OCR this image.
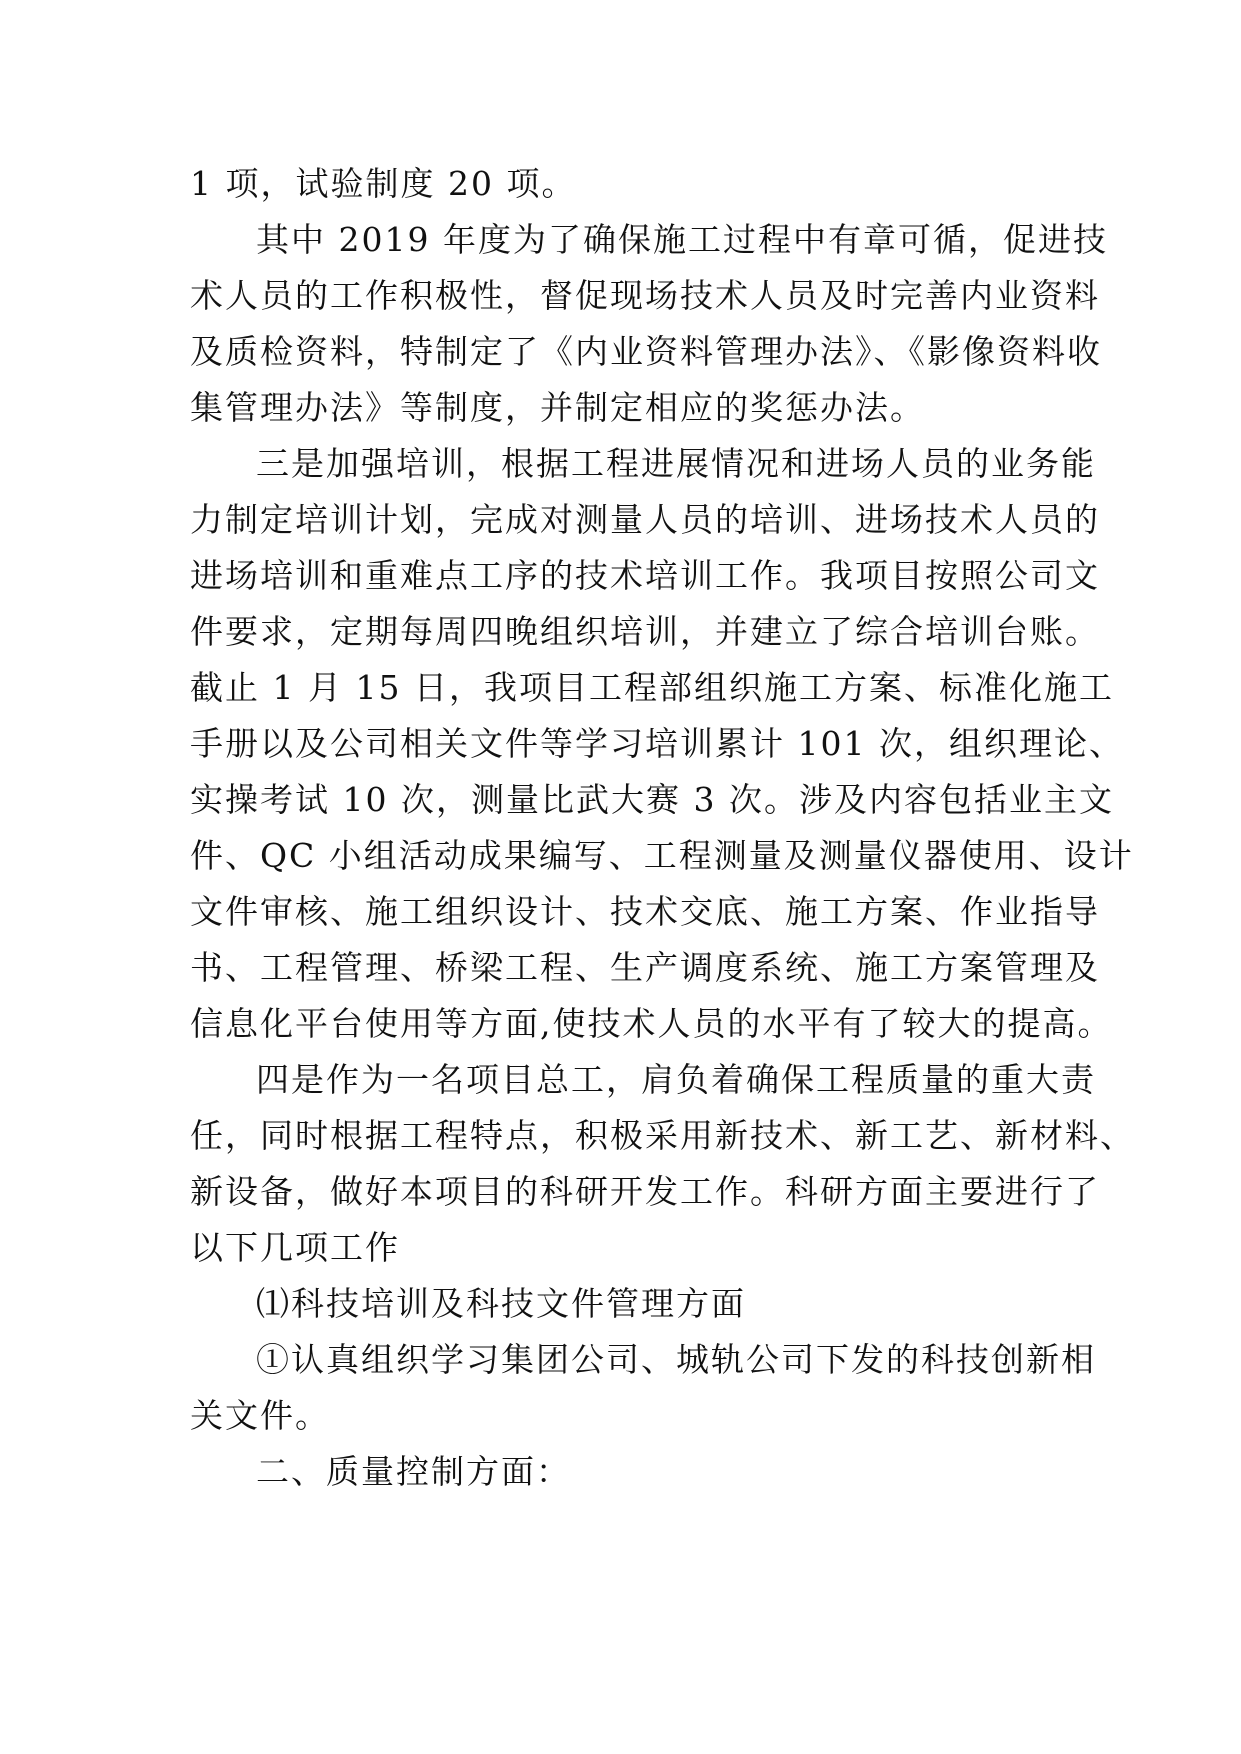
1 项，试验制度 20 项。
其中 2019 年度为了确保施工过程中有章可循，促进技
术人员的工作积极性，督促现场技术人员及时完善内业资料
及质检资料，特制定了《内业资料管理办法》、《影像资料收
集管理办法》等制度，并制定相应的奖惩办法。
三是加强培训，根据工程进展情况和进场人员的业务能
力制定培训计划，完成对测量人员的培训、进场技术人员的
进场培训和重难点工序的技术培训工作。我项目按照公司文
件要求，定期每周四晚组织培训，并建立了综合培训台账。
截止 1 月 15 日，我项目工程部组织施工方案、标准化施工
手册以及公司相关文件等学习培训累计 101 次，组织理论、
实操考试 10 次，测量比武大赛 3 次。涉及内容包括业主文
件、QC 小组活动成果编写、工程测量及测量仪器使用、设计
文件审核、施工组织设计、技术交底、施工方案、作业指导
书、工程管理、桥梁工程、生产调度系统、施工方案管理及
信息化平台使用等方面,使技术人员的水平有了较大的提高。
四是作为一名项目总工，肩负着确保工程质量的重大责
任，同时根据工程特点，积极采用新技术、新工艺、新材料、
新设备，做好本项目的科研开发工作。科研方面主要进行了
以下几项工作
⑴科技培训及科技文件管理方面
①认真组织学习集团公司、城轨公司下发的科技创新相
关文件。
二、质量控制方面：
